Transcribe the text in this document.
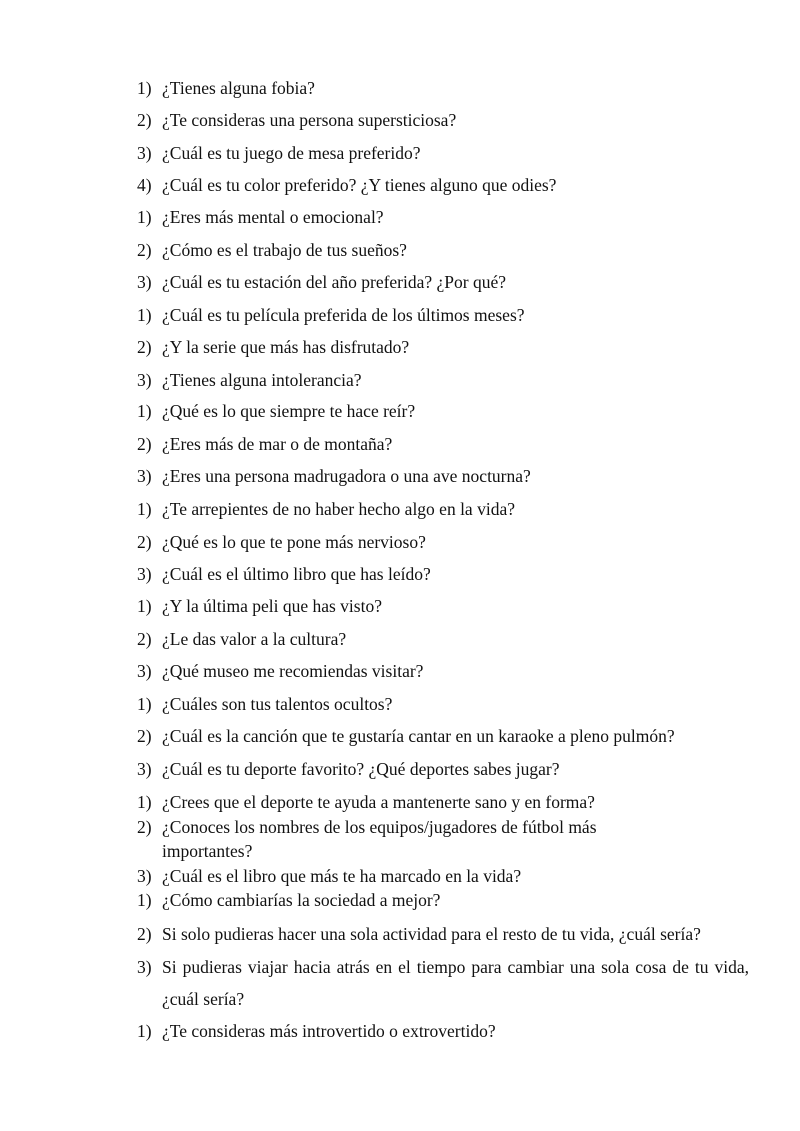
1) ¿Tienes alguna fobia?
2) ¿Te consideras una persona supersticiosa?
3) ¿Cuál es tu juego de mesa preferido?
4) ¿Cuál es tu color preferido? ¿Y tienes alguno que odies?
1) ¿Eres más mental o emocional?
2) ¿Cómo es el trabajo de tus sueños?
3) ¿Cuál es tu estación del año preferida? ¿Por qué?
1) ¿Cuál es tu película preferida de los últimos meses?
2) ¿Y la serie que más has disfrutado?
3) ¿Tienes alguna intolerancia?
1) ¿Qué es lo que siempre te hace reír?
2) ¿Eres más de mar o de montaña?
3) ¿Eres una persona madrugadora o una ave nocturna?
1) ¿Te arrepientes de no haber hecho algo en la vida?
2) ¿Qué es lo que te pone más nervioso?
3) ¿Cuál es el último libro que has leído?
1) ¿Y la última peli que has visto?
2) ¿Le das valor a la cultura?
3) ¿Qué museo me recomiendas visitar?
1) ¿Cuáles son tus talentos ocultos?
2) ¿Cuál es la canción que te gustaría cantar en un karaoke a pleno pulmón?
3) ¿Cuál es tu deporte favorito? ¿Qué deportes sabes jugar?
1) ¿Crees que el deporte te ayuda a mantenerte sano y en forma?
2) ¿Conoces los nombres de los equipos/jugadores de fútbol más importantes?
3) ¿Cuál es el libro que más te ha marcado en la vida?
1) ¿Cómo cambiarías la sociedad a mejor?
2) Si solo pudieras hacer una sola actividad para el resto de tu vida, ¿cuál sería?
3) Si pudieras viajar hacia atrás en el tiempo para cambiar una sola cosa de tu vida, ¿cuál sería?
1) ¿Te consideras más introvertido o extrovertido?
